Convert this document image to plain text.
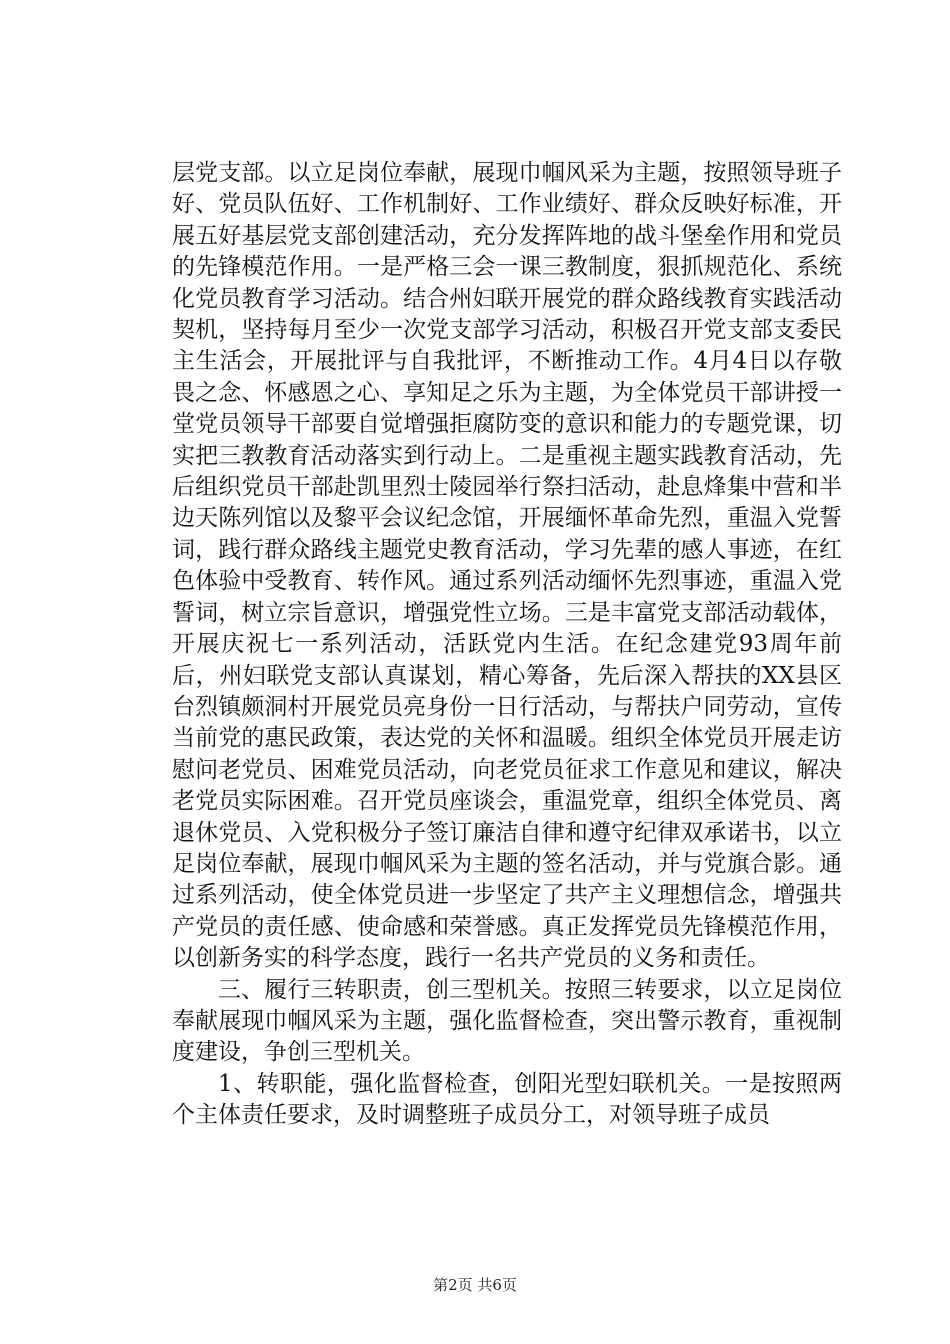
层党支部。以立足岗位奉献，展现巾帼风采为主题，按照领导班子好、党员队伍好、工作机制好、工作业绩好、群众反映好标准，开展五好基层党支部创建活动，充分发挥阵地的战斗堡垒作用和党员的先锋模范作用。一是严格三会一课三教制度，狠抓规范化、系统化党员教育学习活动。结合州妇联开展党的群众路线教育实践活动契机，坚持每月至少一次党支部学习活动，积极召开党支部支委民主生活会，开展批评与自我批评，不断推动工作。4月4日以存敬畏之念、怀感恩之心、享知足之乐为主题，为全体党员干部讲授一堂党员领导干部要自觉增强拒腐防变的意识和能力的专题党课，切实把三教教育活动落实到行动上。二是重视主题实践教育活动，先后组织党员干部赴凯里烈士陵园举行祭扫活动，赴息烽集中营和半边天陈列馆以及黎平会议纪念馆，开展缅怀革命先烈，重温入党誓词，践行群众路线主题党史教育活动，学习先辈的感人事迹，在红色体验中受教育、转作风。通过系列活动缅怀先烈事迹，重温入党誓词，树立宗旨意识，增强党性立场。三是丰富党支部活动载体，开展庆祝七一系列活动，活跃党内生活。在纪念建党93周年前后，州妇联党支部认真谋划，精心筹备，先后深入帮扶的XX县区台烈镇颇洞村开展党员亮身份一日行活动，与帮扶户同劳动，宣传当前党的惠民政策，表达党的关怀和温暖。组织全体党员开展走访慰问老党员、困难党员活动，向老党员征求工作意见和建议，解决老党员实际困难。召开党员座谈会，重温党章，组织全体党员、离退休党员、入党积极分子签订廉洁自律和遵守纪律双承诺书，以立足岗位奉献，展现巾帼风采为主题的签名活动，并与党旗合影。通过系列活动，使全体党员进一步坚定了共产主义理想信念，增强共产党员的责任感、使命感和荣誉感。真正发挥党员先锋模范作用，以创新务实的科学态度，践行一名共产党员的义务和责任。

三、履行三转职责，创三型机关。按照三转要求，以立足岗位奉献展现巾帼风采为主题，强化监督检查，突出警示教育，重视制度建设，争创三型机关。

1、转职能，强化监督检查，创阳光型妇联机关。一是按照两个主体责任要求，及时调整班子成员分工，对领导班子成员

第2页 共6页
